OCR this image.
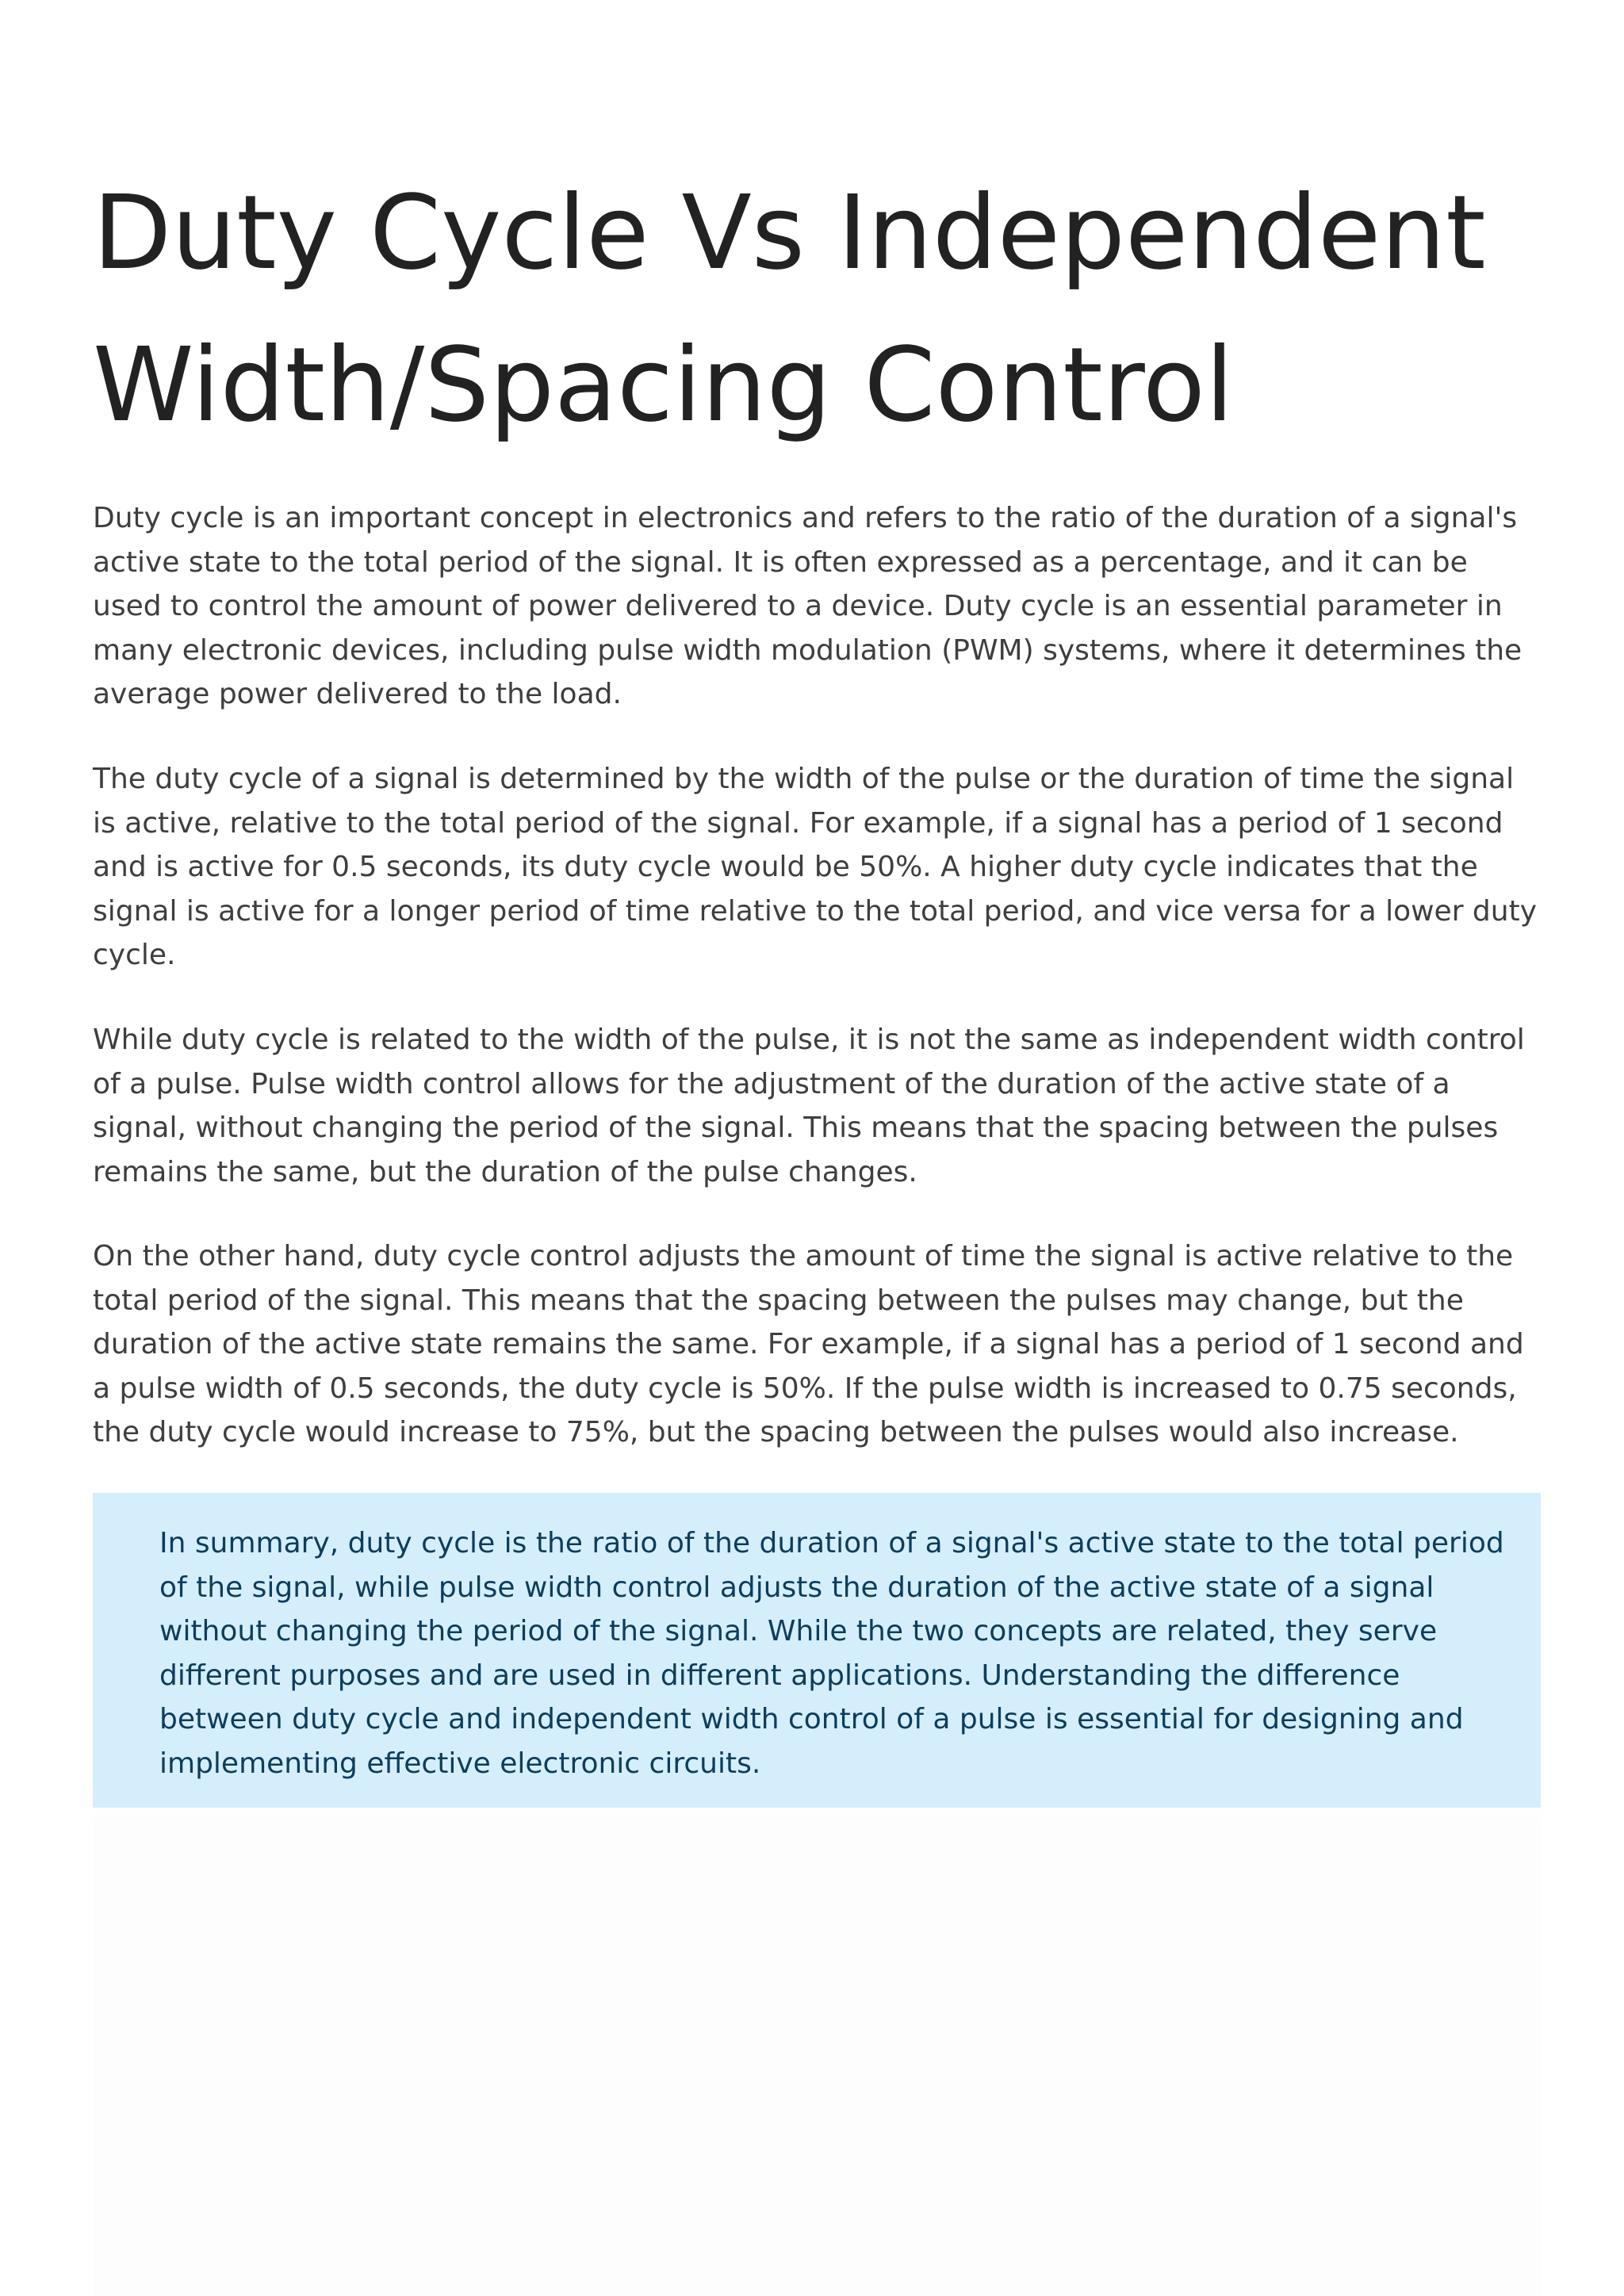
Duty Cycle Vs Independent Width/Spacing Control

Duty cycle is an important concept in electronics and refers to the ratio of the duration of a signal's active state to the total period of the signal. It is often expressed as a percentage, and it can be used to control the amount of power delivered to a device. Duty cycle is an essential parameter in many electronic devices, including pulse width modulation (PWM) systems, where it determines the average power delivered to the load.

The duty cycle of a signal is determined by the width of the pulse or the duration of time the signal is active, relative to the total period of the signal. For example, if a signal has a period of 1 second and is active for 0.5 seconds, its duty cycle would be 50%. A higher duty cycle indicates that the signal is active for a longer period of time relative to the total period, and vice versa for a lower duty cycle.

While duty cycle is related to the width of the pulse, it is not the same as independent width control of a pulse. Pulse width control allows for the adjustment of the duration of the active state of a signal, without changing the period of the signal. This means that the spacing between the pulses remains the same, but the duration of the pulse changes.

On the other hand, duty cycle control adjusts the amount of time the signal is active relative to the total period of the signal. This means that the spacing between the pulses may change, but the duration of the active state remains the same. For example, if a signal has a period of 1 second and a pulse width of 0.5 seconds, the duty cycle is 50%. If the pulse width is increased to 0.75 seconds, the duty cycle would increase to 75%, but the spacing between the pulses would also increase.

In summary, duty cycle is the ratio of the duration of a signal's active state to the total period of the signal, while pulse width control adjusts the duration of the active state of a signal without changing the period of the signal. While the two concepts are related, they serve different purposes and are used in different applications. Understanding the difference between duty cycle and independent width control of a pulse is essential for designing and implementing effective electronic circuits.
